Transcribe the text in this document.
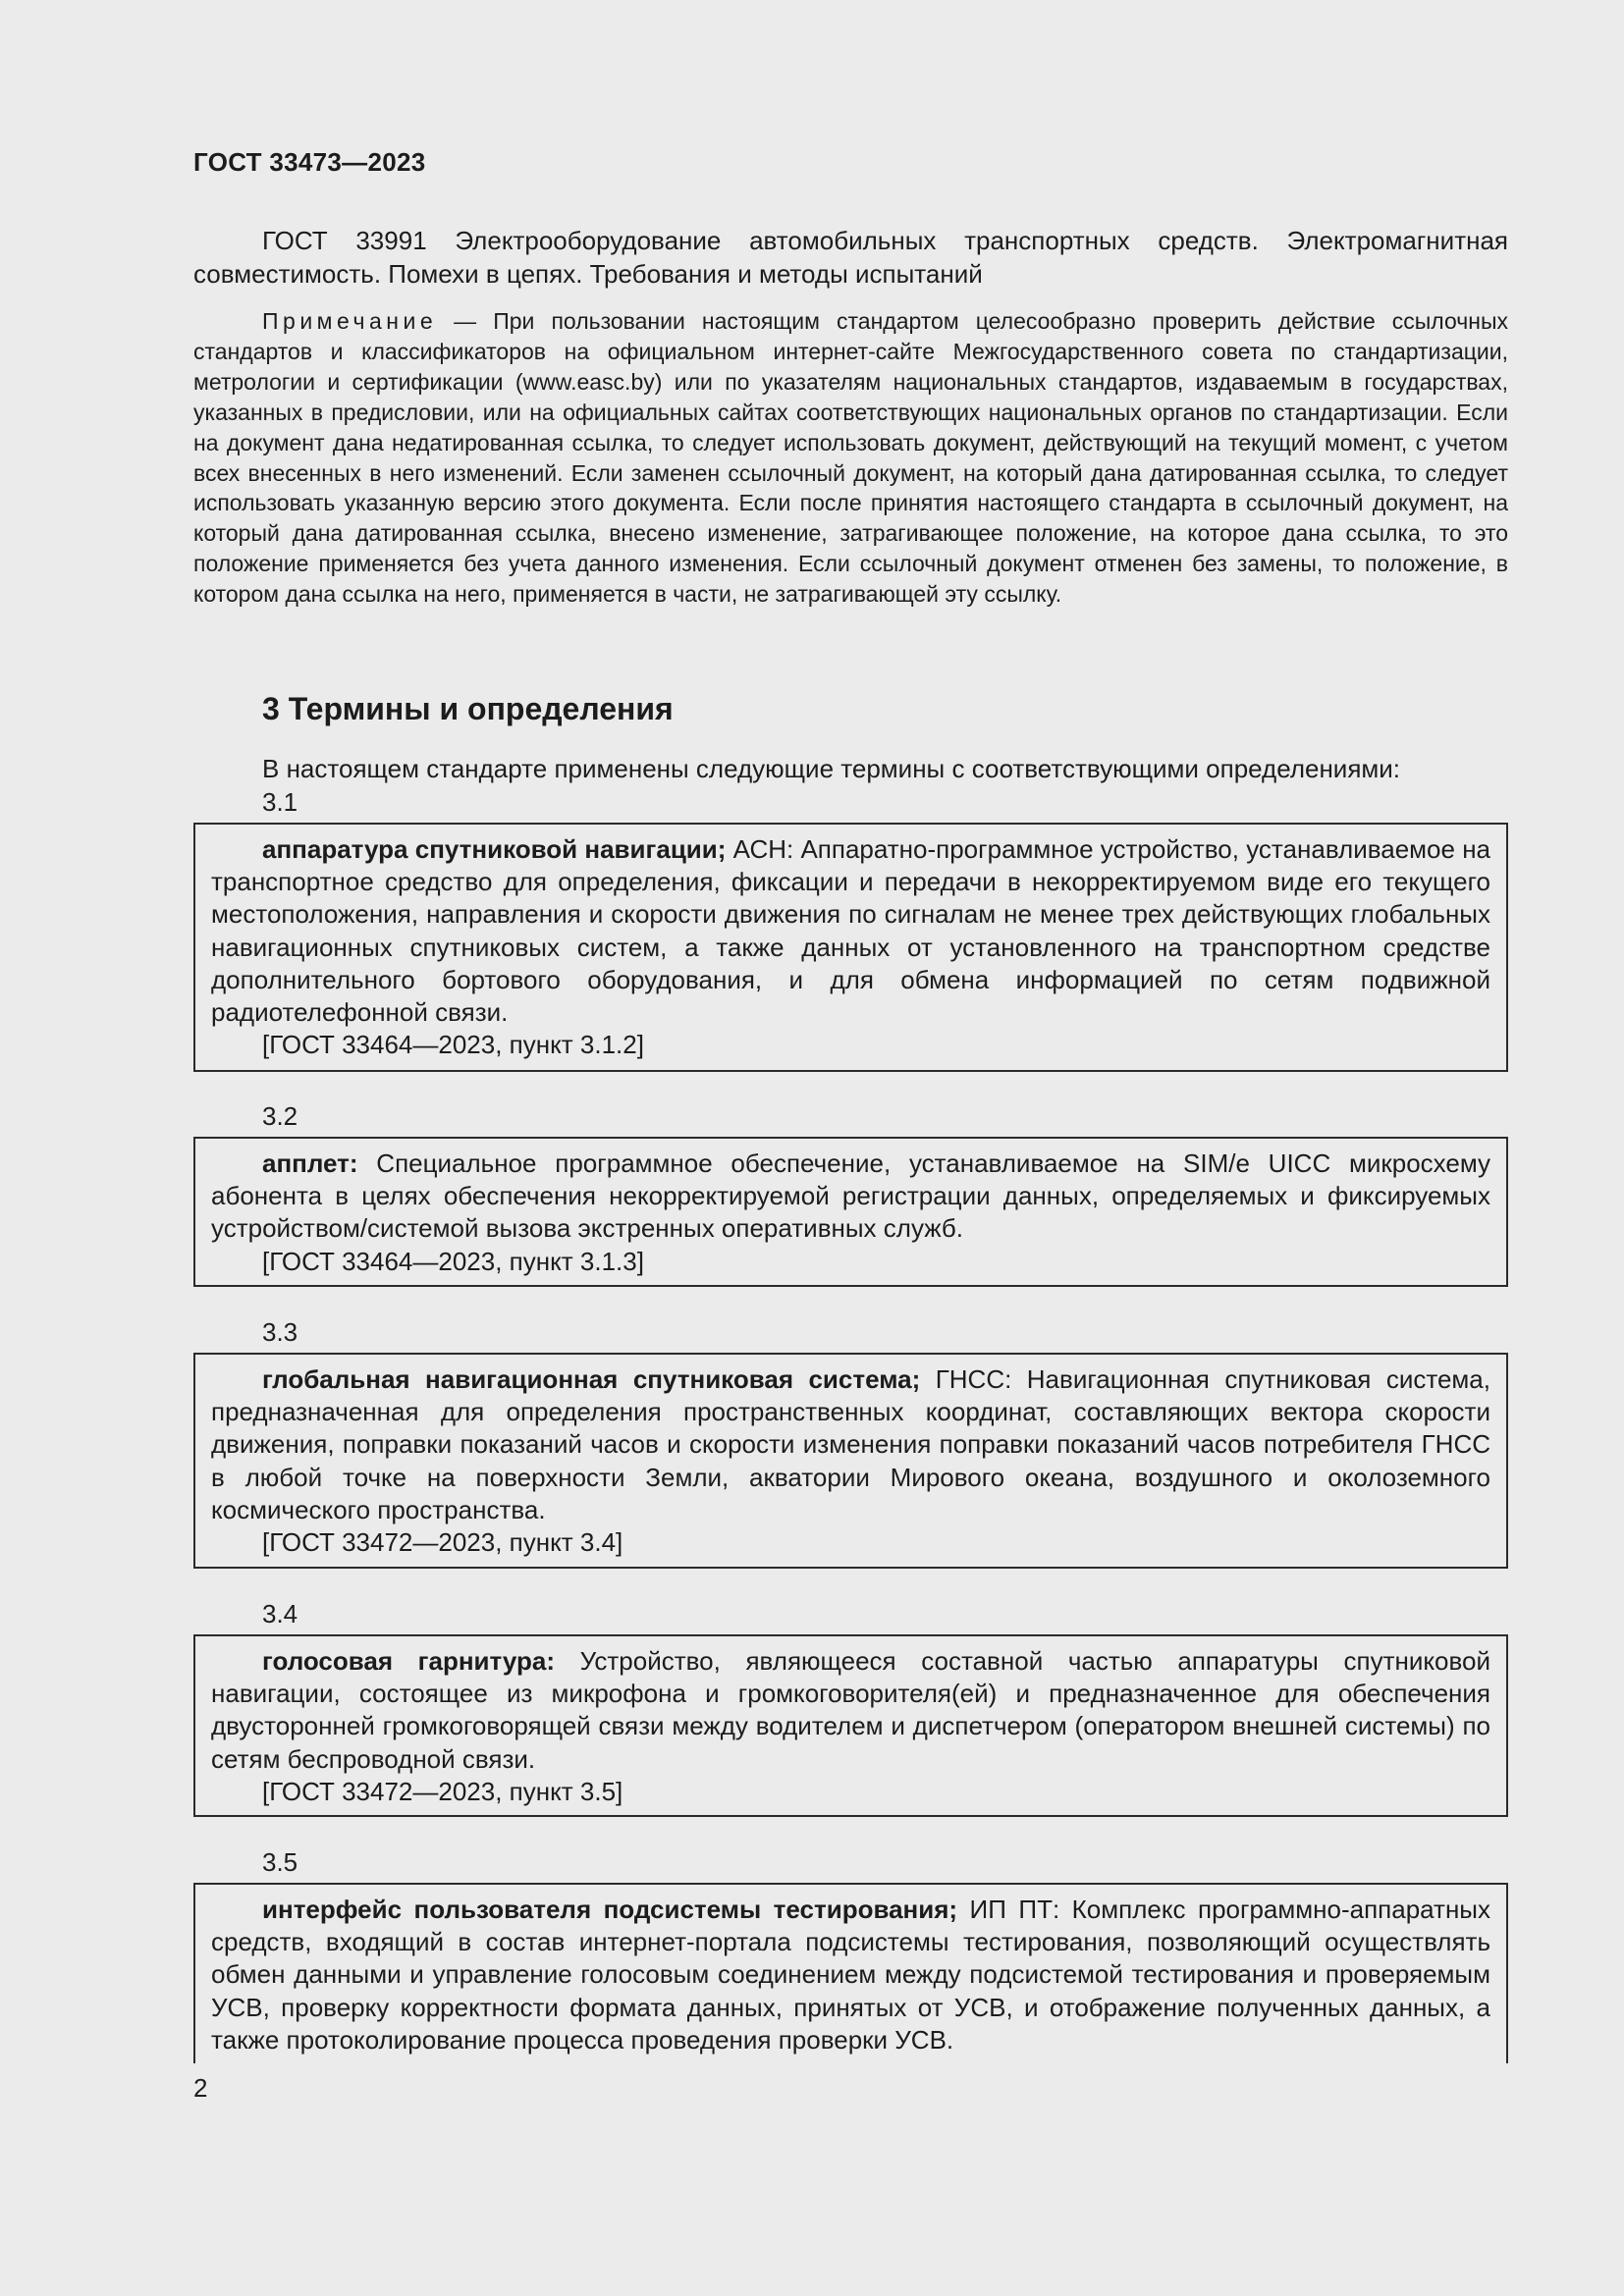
ГОСТ 33473—2023

ГОСТ 33991 Электрооборудование автомобильных транспортных средств. Электромагнитная совместимость. Помехи в цепях. Требования и методы испытаний

Примечание — При пользовании настоящим стандартом целесообразно проверить действие ссылочных стандартов и классификаторов на официальном интернет-сайте Межгосударственного совета по стандартизации, метрологии и сертификации (www.easc.by) или по указателям национальных стандартов, издаваемым в государствах, указанных в предисловии, или на официальных сайтах соответствующих национальных органов по стандартизации. Если на документ дана недатированная ссылка, то следует использовать документ, действующий на текущий момент, с учетом всех внесенных в него изменений. Если заменен ссылочный документ, на который дана датированная ссылка, то следует использовать указанную версию этого документа. Если после принятия настоящего стандарта в ссылочный документ, на который дана датированная ссылка, внесено изменение, затрагивающее положение, на которое дана ссылка, то это положение применяется без учета данного изменения. Если ссылочный документ отменен без замены, то положение, в котором дана ссылка на него, применяется в части, не затрагивающей эту ссылку.

3 Термины и определения

В настоящем стандарте применены следующие термины с соответствующими определениями:

3.1

аппаратура спутниковой навигации; АСН: Аппаратно-программное устройство, устанавливаемое на транспортное средство для определения, фиксации и передачи в некорректируемом виде его текущего местоположения, направления и скорости движения по сигналам не менее трех действующих глобальных навигационных спутниковых систем, а также данных от установленного на транспортном средстве дополнительного бортового оборудования, и для обмена информацией по сетям подвижной радиотелефонной связи.

[ГОСТ 33464—2023, пункт 3.1.2]

3.2

апплет: Специальное программное обеспечение, устанавливаемое на SIM/e UICC микросхему абонента в целях обеспечения некорректируемой регистрации данных, определяемых и фиксируемых устройством/системой вызова экстренных оперативных служб.

[ГОСТ 33464—2023, пункт 3.1.3]

3.3

глобальная навигационная спутниковая система; ГНСС: Навигационная спутниковая система, предназначенная для определения пространственных координат, составляющих вектора скорости движения, поправки показаний часов и скорости изменения поправки показаний часов потребителя ГНСС в любой точке на поверхности Земли, акватории Мирового океана, воздушного и околоземного космического пространства.

[ГОСТ 33472—2023, пункт 3.4]

3.4

голосовая гарнитура: Устройство, являющееся составной частью аппаратуры спутниковой навигации, состоящее из микрофона и громкоговорителя(ей) и предназначенное для обеспечения двусторонней громкоговорящей связи между водителем и диспетчером (оператором внешней системы) по сетям беспроводной связи.

[ГОСТ 33472—2023, пункт 3.5]

3.5

интерфейс пользователя подсистемы тестирования; ИП ПТ: Комплекс программно-аппаратных средств, входящий в состав интернет-портала подсистемы тестирования, позволяющий осуществлять обмен данными и управление голосовым соединением между подсистемой тестирования и проверяемым УСВ, проверку корректности формата данных, принятых от УСВ, и отображение полученных данных, а также протоколирование процесса проведения проверки УСВ.

2
